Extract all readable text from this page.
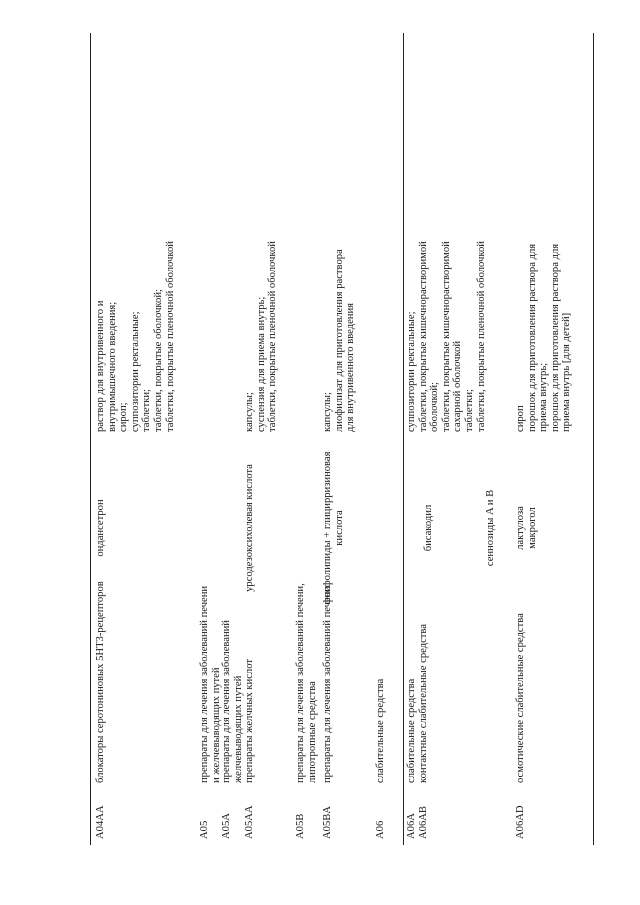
A04AA
блокаторы серотониновых 5HT3-рецепторов
ондансетрон
раствор для внутривенного и
внутримышечного введения;
сироп;
суппозитории ректальные;
таблетки;
таблетки, покрытые оболочкой;
таблетки, покрытые пленочной оболочкой
A05
препараты для лечения заболеваний печени
и желчевыводящих путей
A05A
препараты для лечения заболеваний
желчевыводящих путей
A05AA
препараты желчных кислот
урсодезоксихолевая кислота
капсулы;
суспензия для приема внутрь;
таблетки, покрытые пленочной оболочкой
A05B
препараты для лечения заболеваний печени,
липотропные средства
A05BA
препараты для лечения заболеваний печени
фосфолипиды + глицирризиновая
кислота
капсулы;
лиофилизат для приготовления раствора
для внутривенного введения
A06
слабительные средства
A06A
слабительные средства
A06AB
контактные слабительные средства
бисакодил
суппозитории ректальные;
таблетки, покрытые кишечнорастворимой
оболочкой;
таблетки, покрытые кишечнорастворимой
сахарной оболочкой
сеннозиды A и B
таблетки;
таблетки, покрытые пленочной оболочкой
A06AD
осмотические слабительные средства
лактулоза
макрогол
сироп
порошок для приготовления раствора для
приема внутрь;
порошок для приготовления раствора для
приема внутрь [для детей]
